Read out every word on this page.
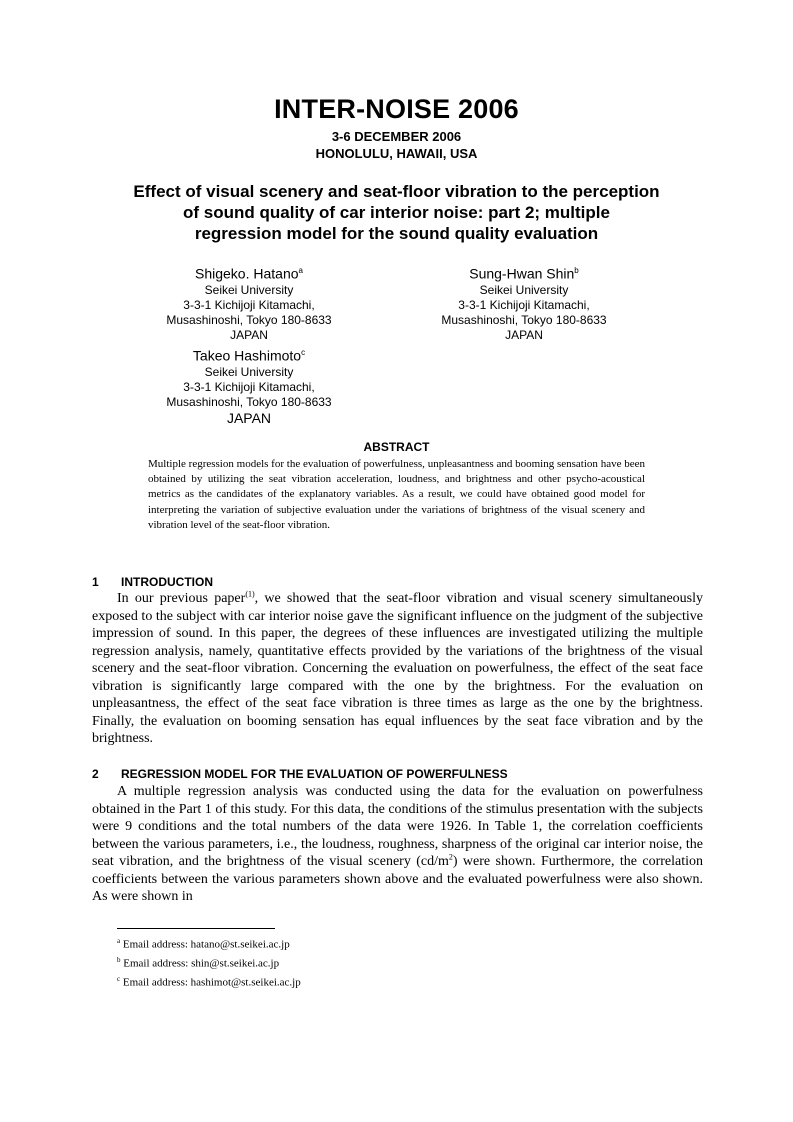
INTER-NOISE 2006
3-6 DECEMBER 2006
HONOLULU, HAWAII, USA
Effect of visual scenery and seat-floor vibration to the perception
of sound quality of car interior noise: part 2; multiple
regression model for the sound quality evaluation
Shigeko. Hatano$^a$
Seikei University
3-3-1 Kichijoji Kitamachi,
Musashinoshi, Tokyo 180-8633
JAPAN
Sung-Hwan Shin$^b$
Seikei University
3-3-1 Kichijoji Kitamachi,
Musashinoshi, Tokyo 180-8633
JAPAN
Takeo Hashimoto$^c$
Seikei University
3-3-1 Kichijoji Kitamachi,
Musashinoshi, Tokyo 180-8633
JAPAN
ABSTRACT
Multiple regression models for the evaluation of powerfulness, unpleasantness and booming sensation have been obtained by utilizing the seat vibration acceleration, loudness, and brightness and other psycho-acoustical metrics as the candidates of the explanatory variables. As a result, we could have obtained good model for interpreting the variation of subjective evaluation under the variations of brightness of the visual scenery and vibration level of the seat-floor vibration.
1 INTRODUCTION
In our previous paper$^{(1)}$, we showed that the seat-floor vibration and visual scenery simultaneously exposed to the subject with car interior noise gave the significant influence on the judgment of the subjective impression of sound. In this paper, the degrees of these influences are investigated utilizing the multiple regression analysis, namely, quantitative effects provided by the variations of the brightness of the visual scenery and the seat-floor vibration. Concerning the evaluation on powerfulness, the effect of the seat face vibration is significantly large compared with the one by the brightness. For the evaluation on unpleasantness, the effect of the seat face vibration is three times as large as the one by the brightness. Finally, the evaluation on booming sensation has equal influences by the seat face vibration and by the brightness.
2 REGRESSION MODEL FOR THE EVALUATION OF POWERFULNESS
A multiple regression analysis was conducted using the data for the evaluation on powerfulness obtained in the Part 1 of this study. For this data, the conditions of the stimulus presentation with the subjects were 9 conditions and the total numbers of the data were 1926. In Table 1, the correlation coefficients between the various parameters, i.e., the loudness, roughness, sharpness of the original car interior noise, the seat vibration, and the brightness of the visual scenery $(cd/m^2)$ were shown. Furthermore, the correlation coefficients between the various parameters shown above and the evaluated powerfulness were also shown. As were shown in
$^a$ Email address: hatano@st.seikei.ac.jp
$^b$ Email address: shin@st.seikei.ac.jp
$^c$ Email address: hashimot@st.seikei.ac.jp
